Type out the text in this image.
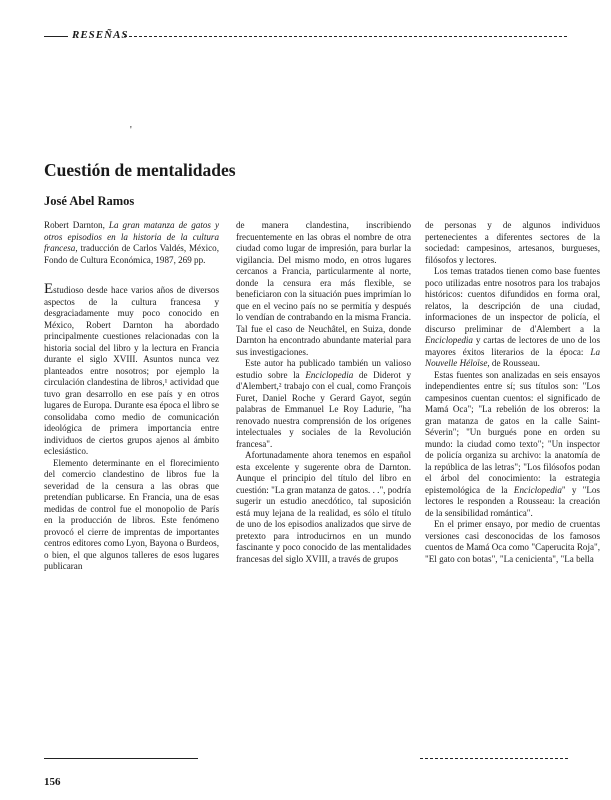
RESEÑAS
'
Cuestión de mentalidades
José Abel Ramos

Robert Darnton, La gran matanza de gatos y otros episodios en la historia de la cultura francesa, traducción de Carlos Valdés, México, Fondo de Cultura Económica, 1987, 269 pp.

Estudioso desde hace varios años de diversos aspectos de la cultura francesa y desgraciadamente muy poco conocido en México, Robert Darnton ha abordado principalmente cuestiones relacionadas con la historia social del libro y la lectura en Francia durante el siglo XVIII. Asuntos nunca vez planteados entre nosotros; por ejemplo la circulación clandestina de libros,¹ actividad que tuvo gran desarrollo en ese país y en otros lugares de Europa. Durante esa época el libro se consolidaba como medio de comunicación ideológica de primera importancia entre individuos de ciertos grupos ajenos al ámbito eclesiástico.

Elemento determinante en el florecimiento del comercio clandestino de libros fue la severidad de la censura a las obras que pretendían publicarse. En Francia, una de esas medidas de control fue el monopolio de París en la producción de libros. Este fenómeno provocó el cierre de imprentas de importantes centros editores como Lyon, Bayona o Burdeos, o bien, el que algunos talleres de esos lugares publicaran

de manera clandestina, inscribiendo frecuentemente en las obras el nombre de otra ciudad como lugar de impresión, para burlar la vigilancia. Del mismo modo, en otros lugares cercanos a Francia, particularmente al norte, donde la censura era más flexible, se beneficiaron con la situación pues imprimían lo que en el vecino país no se permitía y después lo vendían de contrabando en la misma Francia. Tal fue el caso de Neuchâtel, en Suiza, donde Darnton ha encontrado abundante material para sus investigaciones.

Este autor ha publicado también un valioso estudio sobre la Enciclopedia de Diderot y d'Alembert,² trabajo con el cual, como François Furet, Daniel Roche y Gerard Gayot, según palabras de Emmanuel Le Roy Ladurie, "ha renovado nuestra comprensión de los orígenes intelectuales y sociales de la Revolución francesa".

Afortunadamente ahora tenemos en español esta excelente y sugerente obra de Darnton. Aunque el principio del título del libro en cuestión: "La gran matanza de gatos. . .", podría sugerir un estudio anecdótico, tal suposición está muy lejana de la realidad, es sólo el título de uno de los episodios analizados que sirve de pretexto para introducirnos en un mundo fascinante y poco conocido de las mentalidades francesas del siglo XVIII, a través de grupos

de personas y de algunos individuos pertenecientes a diferentes sectores de la sociedad: campesinos, artesanos, burgueses, filósofos y lectores.

Los temas tratados tienen como base fuentes poco utilizadas entre nosotros para los trabajos históricos: cuentos difundidos en forma oral, relatos, la descripción de una ciudad, informaciones de un inspector de policía, el discurso preliminar de d'Alembert a la Enciclopedia y cartas de lectores de uno de los mayores éxitos literarios de la época: La Nouvelle Héloïse, de Rousseau.

Estas fuentes son analizadas en seis ensayos independientes entre sí; sus títulos son: "Los campesinos cuentan cuentos: el significado de Mamá Oca"; "La rebelión de los obreros: la gran matanza de gatos en la calle Saint-Séverin"; "Un burgués pone en orden su mundo: la ciudad como texto"; "Un inspector de policía organiza su archivo: la anatomía de la república de las letras"; "Los filósofos podan el árbol del conocimiento: la estrategia epistemológica de la Enciclopedia" y "Los lectores le responden a Rousseau: la creación de la sensibilidad romántica".

En el primer ensayo, por medio de cruentas versiones casi desconocidas de los famosos cuentos de Mamá Oca como "Caperucita Roja", "El gato con botas", "La cenicienta", "La bella

156
